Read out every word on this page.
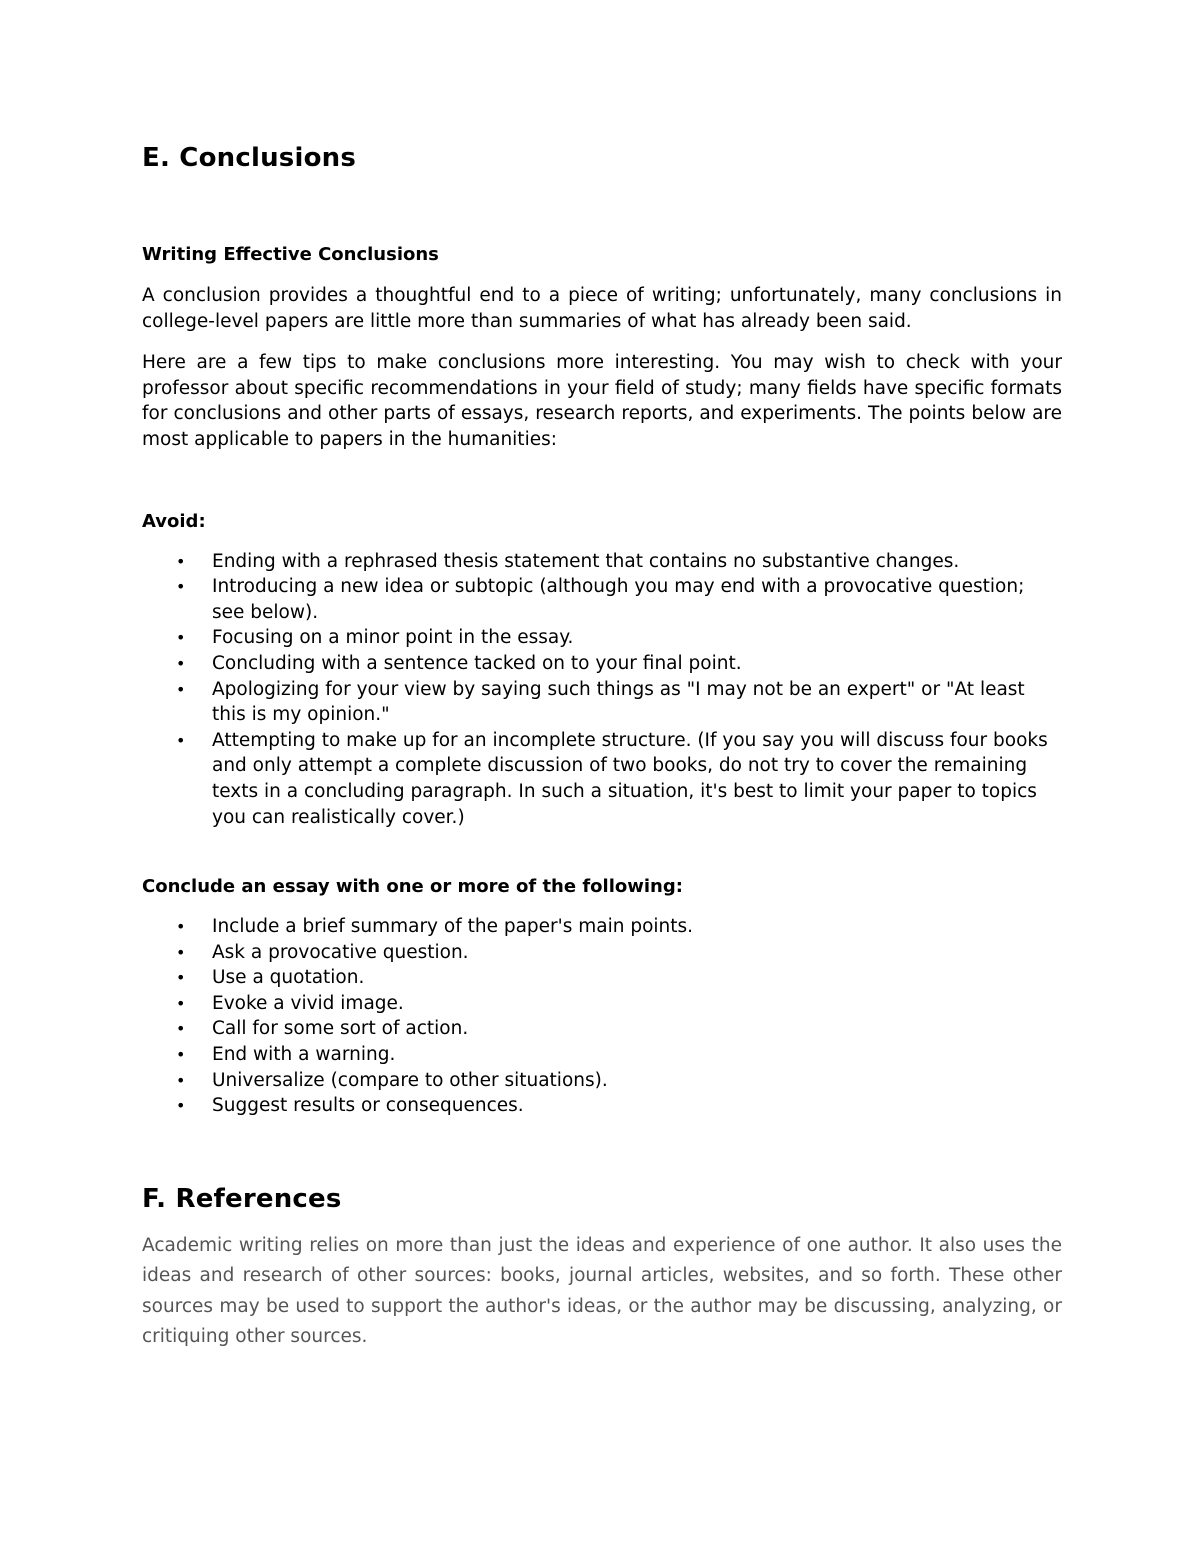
E. Conclusions
Writing Effective Conclusions

A conclusion provides a thoughtful end to a piece of writing; unfortunately, many conclusions in college-level papers are little more than summaries of what has already been said.

Here are a few tips to make conclusions more interesting. You may wish to check with your professor about specific recommendations in your field of study; many fields have specific formats for conclusions and other parts of essays, research reports, and experiments. The points below are most applicable to papers in the humanities:

Avoid:
• Ending with a rephrased thesis statement that contains no substantive changes.
• Introducing a new idea or subtopic (although you may end with a provocative question; see below).
• Focusing on a minor point in the essay.
• Concluding with a sentence tacked on to your final point.
• Apologizing for your view by saying such things as "I may not be an expert" or "At least this is my opinion."
• Attempting to make up for an incomplete structure. (If you say you will discuss four books and only attempt a complete discussion of two books, do not try to cover the remaining texts in a concluding paragraph. In such a situation, it's best to limit your paper to topics you can realistically cover.)
Conclude an essay with one or more of the following:
• Include a brief summary of the paper's main points.
• Ask a provocative question.
• Use a quotation.
• Evoke a vivid image.
• Call for some sort of action.
• End with a warning.
• Universalize (compare to other situations).
• Suggest results or consequences.
F. References

Academic writing relies on more than just the ideas and experience of one author. It also uses the ideas and research of other sources: books, journal articles, websites, and so forth. These other sources may be used to support the author's ideas, or the author may be discussing, analyzing, or critiquing other sources.
